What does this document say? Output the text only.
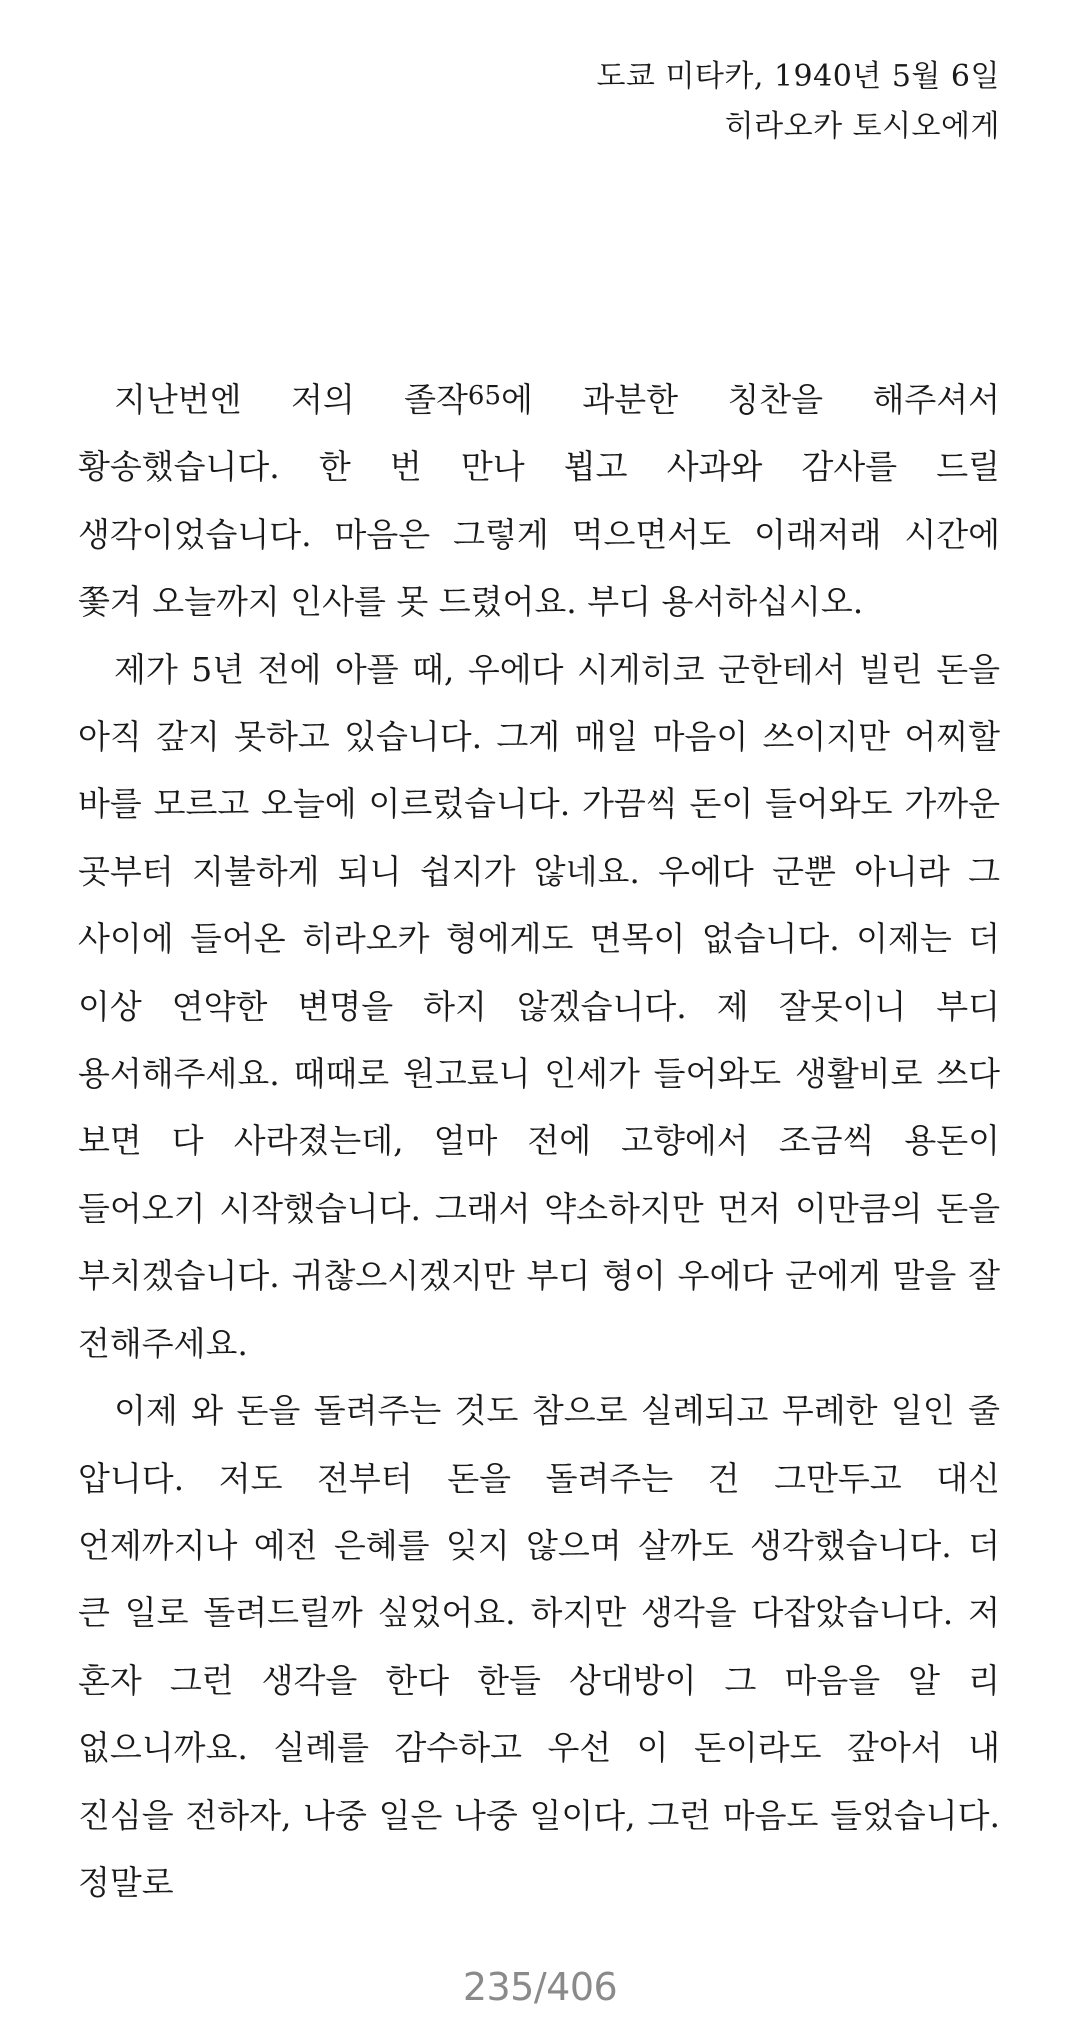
도쿄 미타카, 1940년 5월 6일
히라오카 토시오에게

지난번엔 저의 졸작$^{65}$에 과분한 칭찬을 해주셔서 황송했습니다. 한 번 만나 뵙고 사과와 감사를 드릴 생각이었습니다. 마음은 그렇게 먹으면서도 이래저래 시간에 쫓겨 오늘까지 인사를 못 드렸어요. 부디 용서하십시오.

제가 5년 전에 아플 때, 우에다 시게히코 군한테서 빌린 돈을 아직 갚지 못하고 있습니다. 그게 매일 마음이 쓰이지만 어찌할 바를 모르고 오늘에 이르렀습니다. 가끔씩 돈이 들어와도 가까운 곳부터 지불하게 되니 쉽지가 않네요. 우에다 군뿐 아니라 그 사이에 들어온 히라오카 형에게도 면목이 없습니다. 이제는 더 이상 연약한 변명을 하지 않겠습니다. 제 잘못이니 부디 용서해주세요. 때때로 원고료니 인세가 들어와도 생활비로 쓰다 보면 다 사라졌는데, 얼마 전에 고향에서 조금씩 용돈이 들어오기 시작했습니다. 그래서 약소하지만 먼저 이만큼의 돈을 부치겠습니다. 귀찮으시겠지만 부디 형이 우에다 군에게 말을 잘 전해주세요.

이제 와 돈을 돌려주는 것도 참으로 실례되고 무례한 일인 줄 압니다. 저도 전부터 돈을 돌려주는 건 그만두고 대신 언제까지나 예전 은혜를 잊지 않으며 살까도 생각했습니다. 더 큰 일로 돌려드릴까 싶었어요. 하지만 생각을 다잡았습니다. 저 혼자 그런 생각을 한다 한들 상대방이 그 마음을 알 리 없으니까요. 실례를 감수하고 우선 이 돈이라도 갚아서 내 진심을 전하자, 나중 일은 나중 일이다, 그런 마음도 들었습니다. 정말로

235/406
